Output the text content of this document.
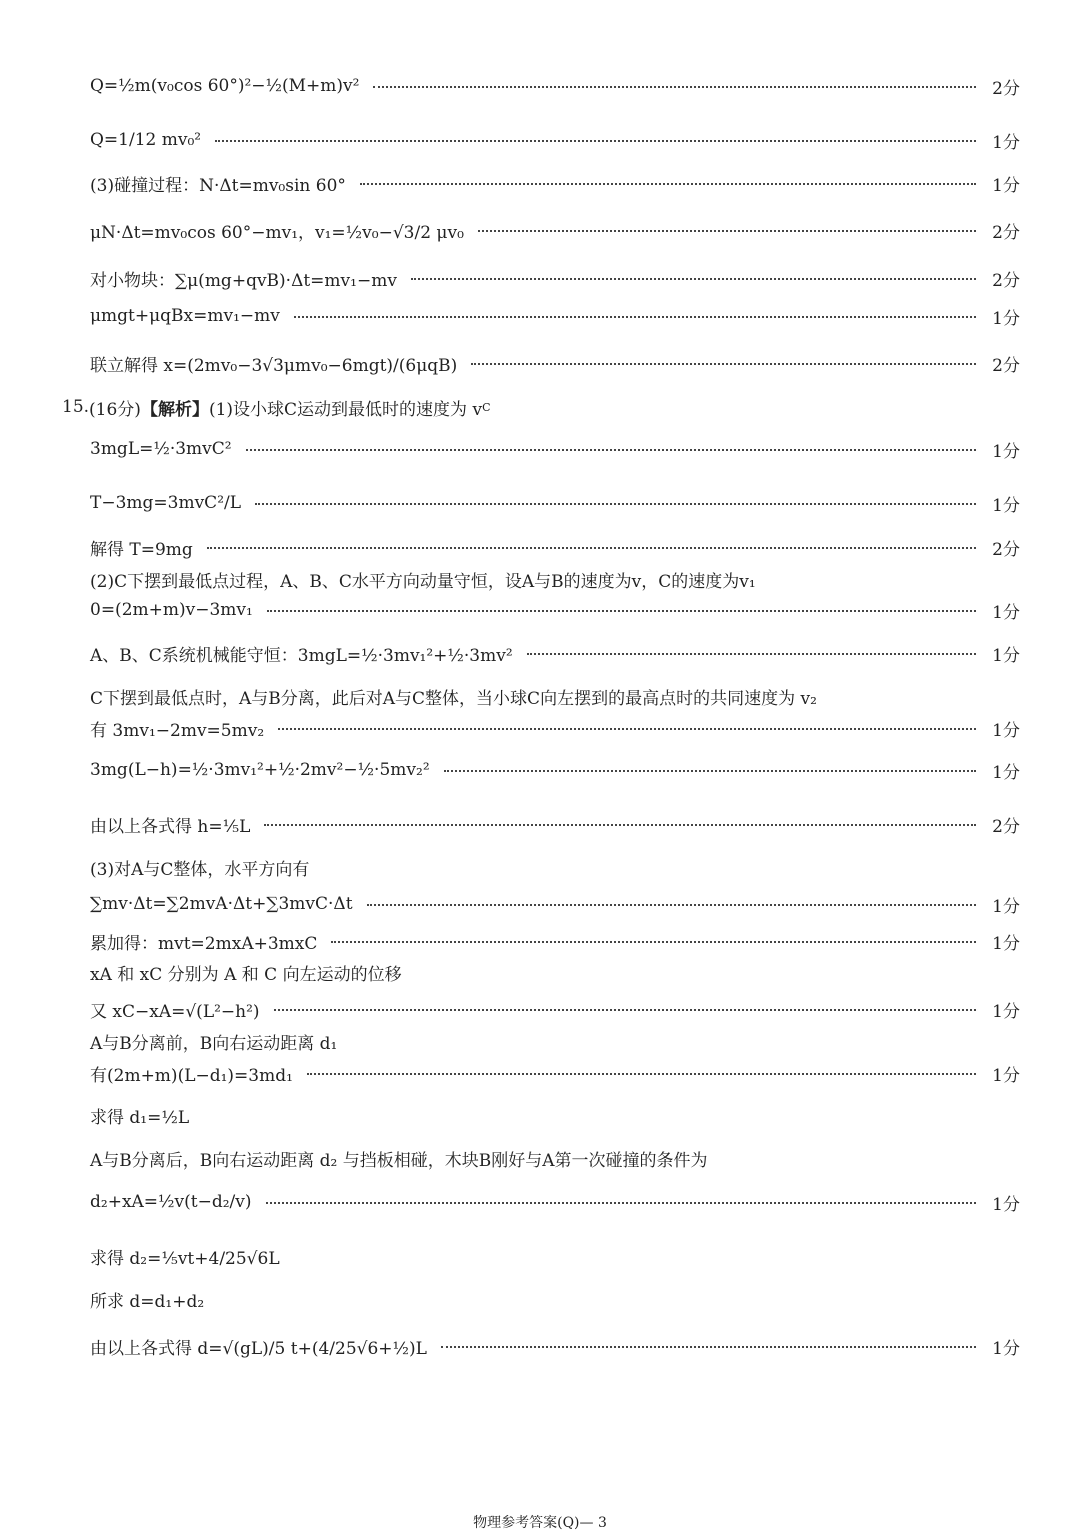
Q=½m(v₀cos 60°)²−½(M+m)v²	2分
Q=1/12 mv₀²	1分
(3)碰撞过程：N·Δt=mv₀sin 60°	1分
μN·Δt=mv₀cos 60°−mv₁，v₁=½v₀−√3/2 μv₀	2分
对小物块：∑μ(mg+qvB)·Δt=mv₁−mv	2分
μmgt+μqBx=mv₁−mv	1分
联立解得 x=(2mv₀−3√3μmv₀−6mgt)/(6μqB)	2分
15. (16分) 【解析】 (1)设小球C运动到最低时的速度为 v C
3mgL=½·3mvC²	1分
T−3mg=3mvC²/L	1分
解得 T=9mg	2分
(2)C下摆到最低点过程，A、B、C水平方向动量守恒，设A与B的速度为v，C的速度为v₁
0=(2m+m)v−3mv₁	1分
A、B、C系统机械能守恒：3mgL=½·3mv₁²+½·3mv²	1分
C下摆到最低点时，A与B分离，此后对A与C整体，当小球C向左摆到的最高点时的共同速度为 v₂
有 3mv₁−2mv=5mv₂	1分
3mg(L−h)=½·3mv₁²+½·2mv²−½·5mv₂²	1分
由以上各式得 h=⅕L	2分
(3)对A与C整体，水平方向有
∑mv·Δt=∑2mvA·Δt+∑3mvC·Δt	1分
累加得：mvt=2mxA+3mxC	1分
xA 和 xC 分别为 A 和 C 向左运动的位移
又 xC−xA=√(L²−h²)	1分
A与B分离前，B向右运动距离 d₁
有(2m+m)(L−d₁)=3md₁	1分
求得 d₁=½L
A与B分离后，B向右运动距离 d₂ 与挡板相碰，木块B刚好与A第一次碰撞的条件为
d₂+xA=½v(t−d₂/v)	1分
求得 d₂=⅕vt+4/25√6L
所求 d=d₁+d₂
由以上各式得 d=√(gL)/5 t+(4/25√6+½)L	1分
物理参考答案(Q)— 3
